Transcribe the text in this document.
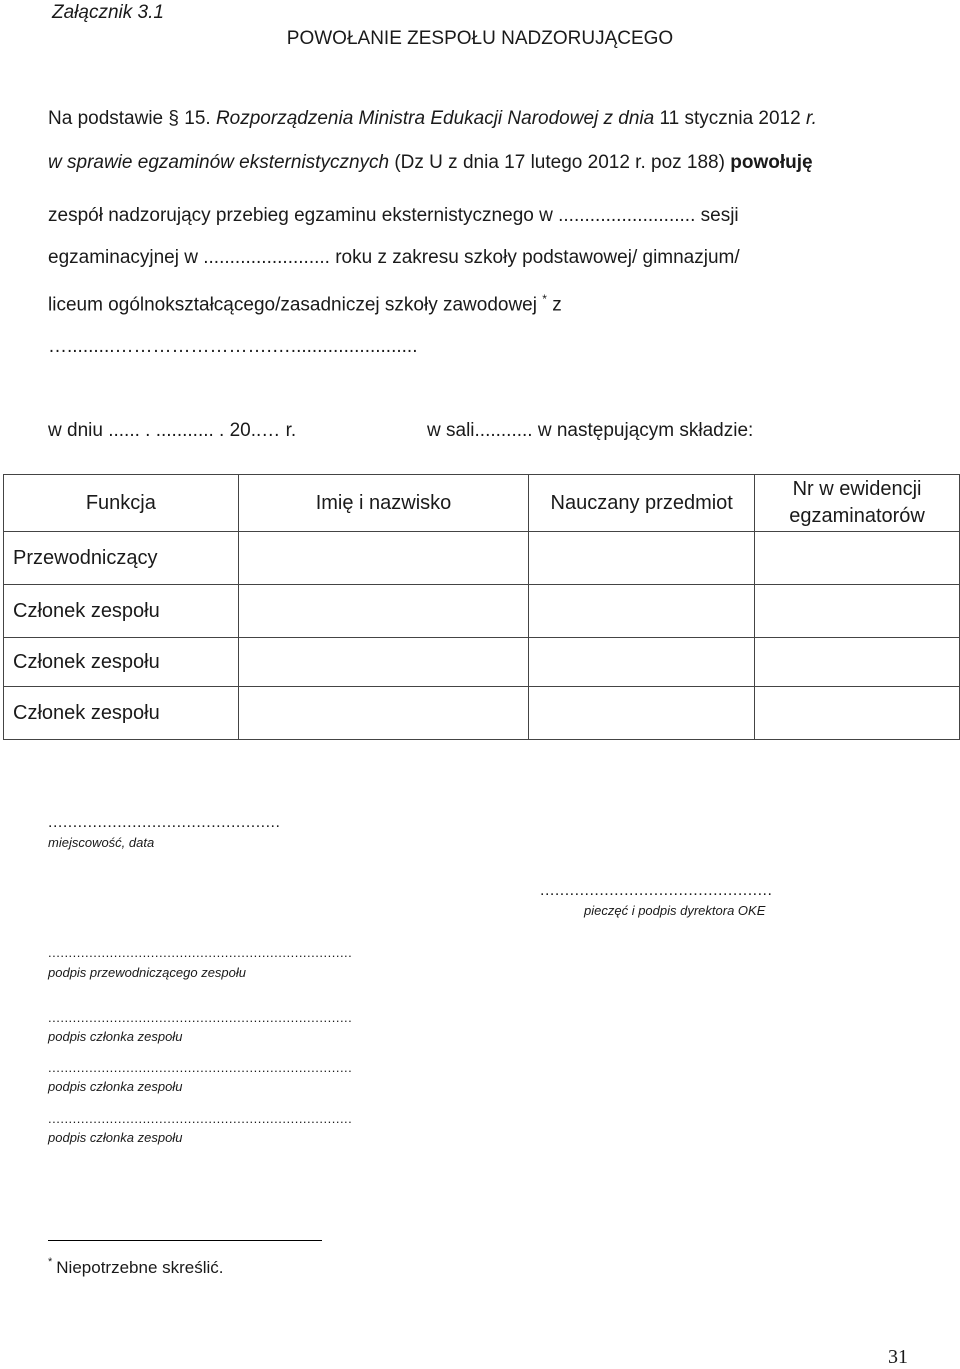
Załącznik 3.1
POWOŁANIE ZESPOŁU NADZORUJĄCEGO
Na podstawie § 15. Rozporządzenia Ministra Edukacji Narodowej z dnia 11 stycznia 2012 r.
w sprawie egzaminów eksternistycznych (Dz U z dnia 17 lutego 2012 r. poz 188) powołuję
zespół nadzorujący przebieg egzaminu eksternistycznego w .......................... sesji
egzaminacyjnej w ........................ roku z zakresu szkoły podstawowej/ gimnazjum/
liceum ogólnokształcącego/zasadniczej szkoły zawodowej * z
….........…………………….…........................
w dniu ...... . ........... . 20..… r.	w sali........... w następującym składzie:
Funkcja	Imię i nazwisko	Nauczany przedmiot	Nr w ewidencji
egzaminatorów
Przewodniczący			
Członek zespołu			
Członek zespołu			
Członek zespołu			
...............................................
miejscowość, data
...............................................
pieczęć i podpis dyrektora OKE
..........................................................................
podpis przewodniczącego zespołu
..........................................................................
podpis członka zespołu
..........................................................................
podpis członka zespołu
..........................................................................
podpis członka zespołu
* Niepotrzebne skreślić.
31
